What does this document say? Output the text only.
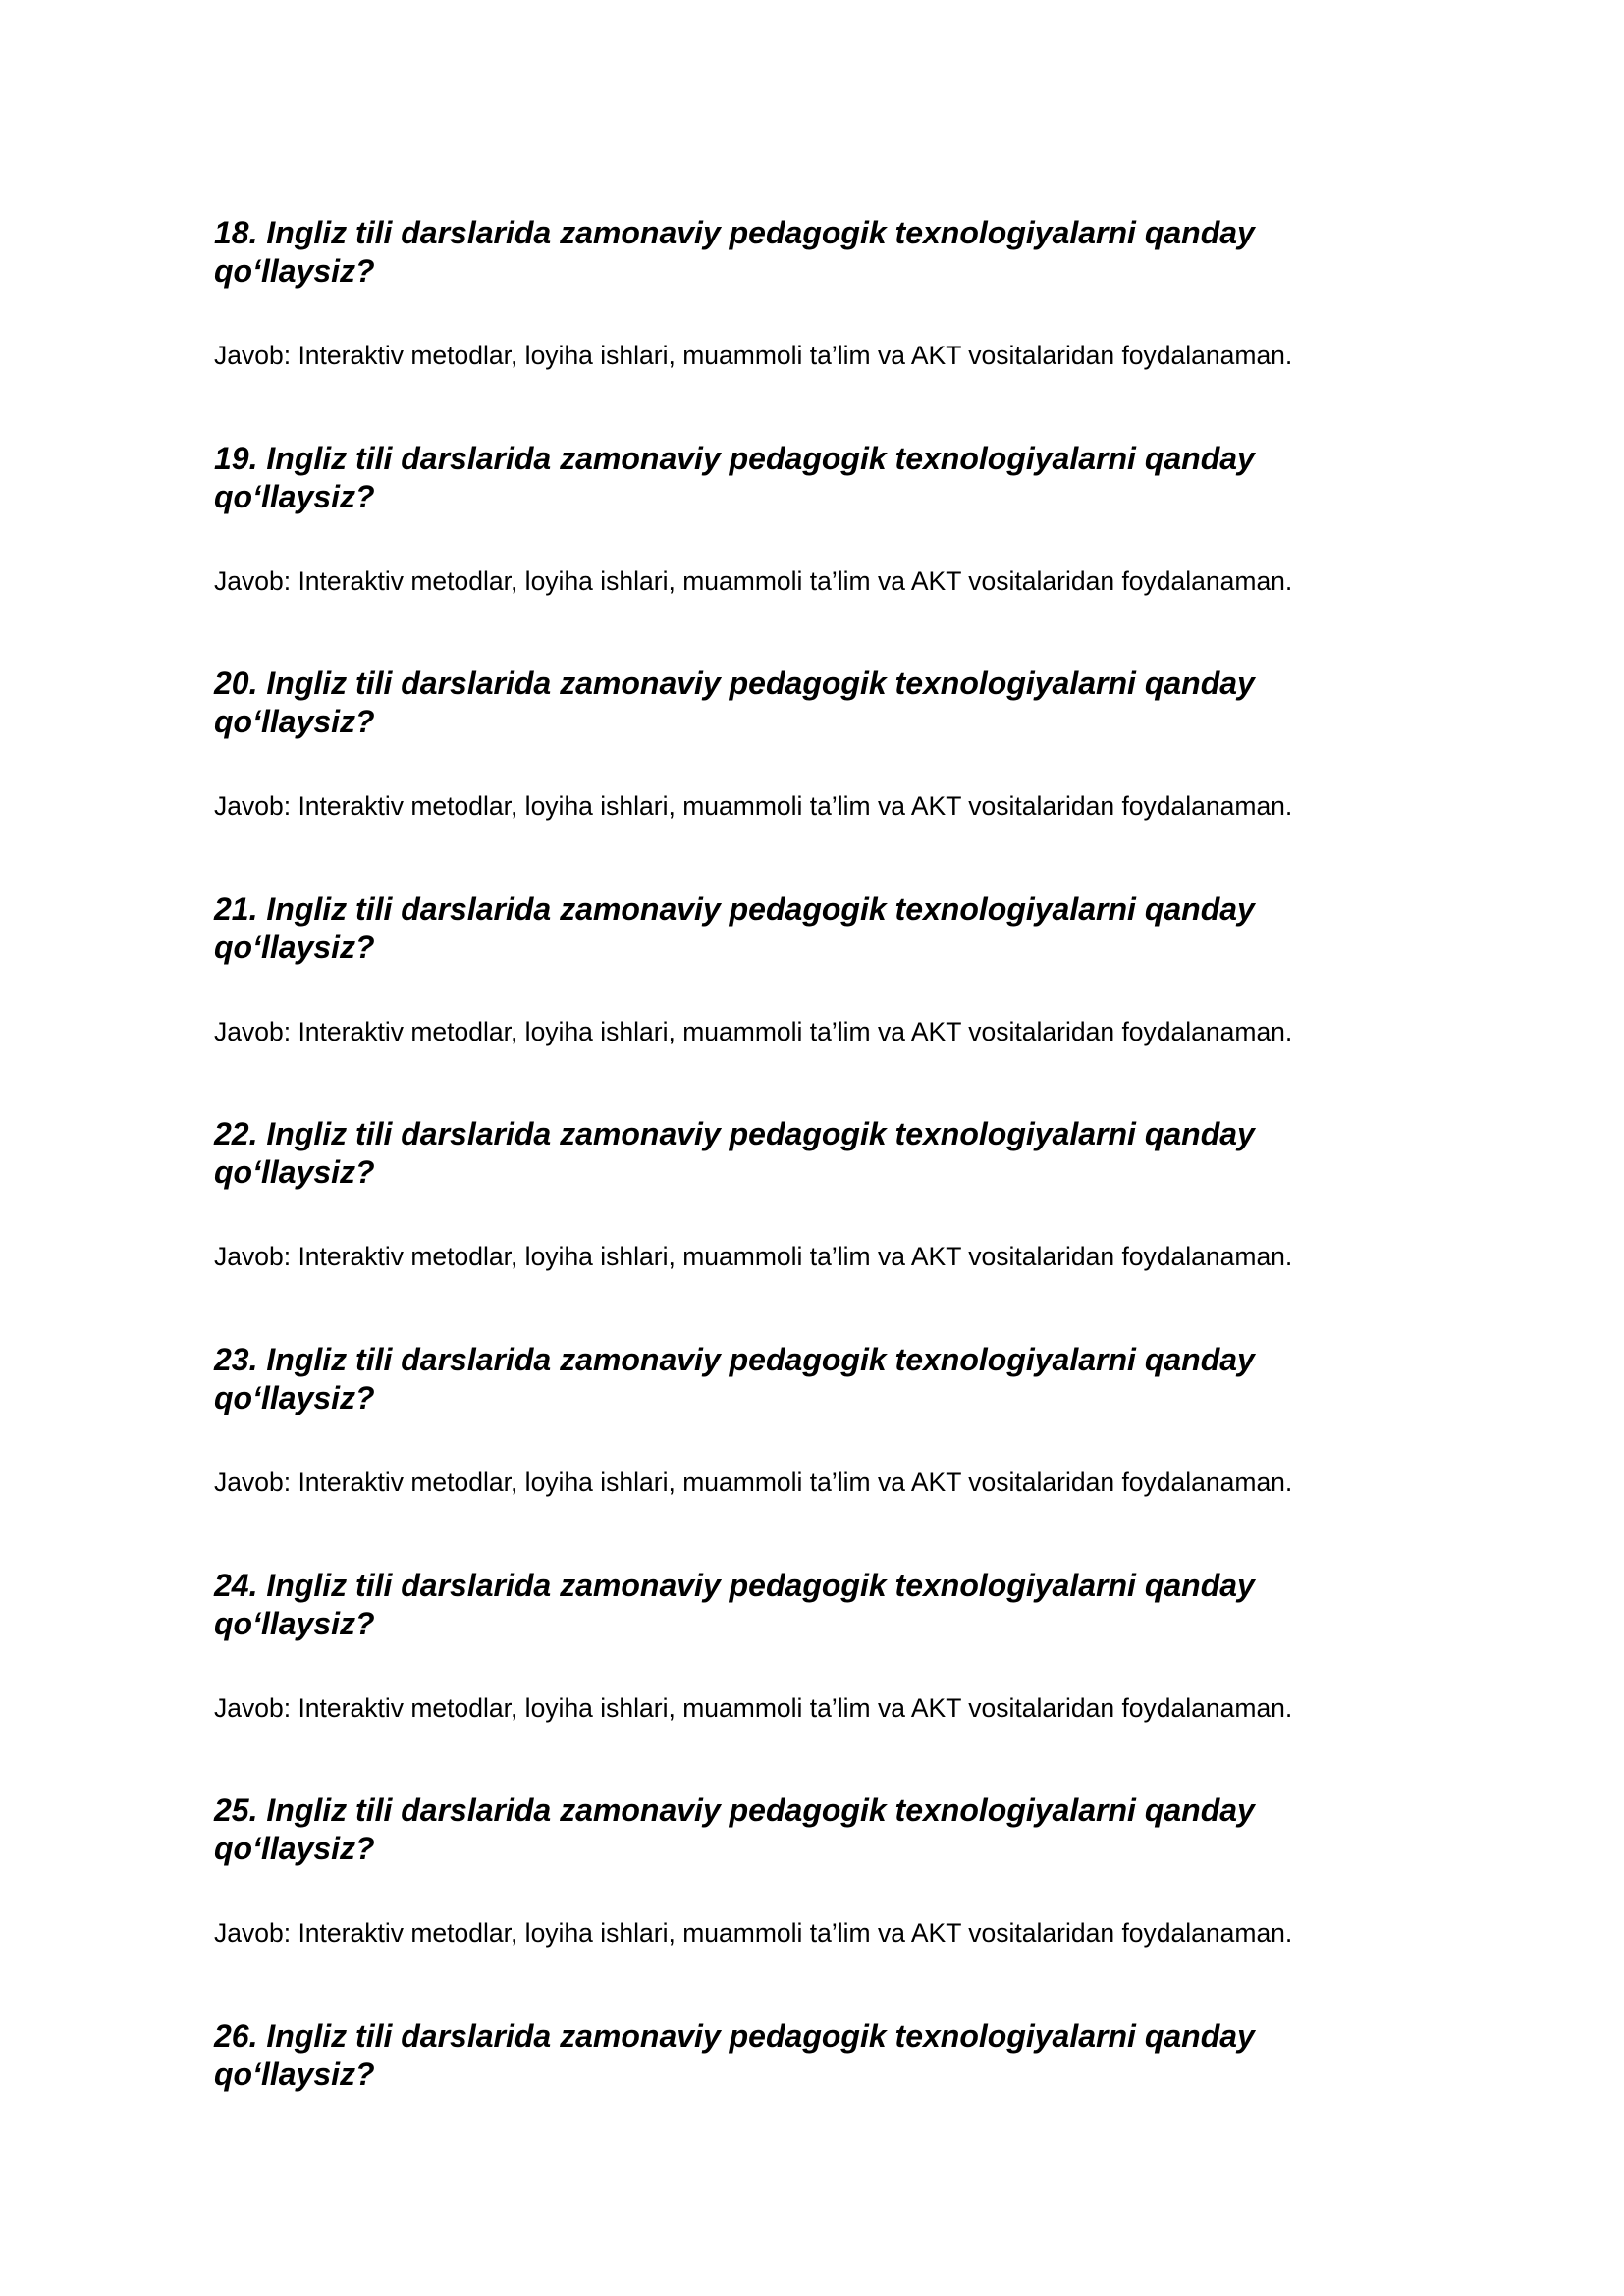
18. Ingliz tili darslarida zamonaviy pedagogik texnologiyalarni qanday qo‘llaysiz?

Javob: Interaktiv metodlar, loyiha ishlari, muammoli ta’lim va AKT vositalaridan foydalanaman.

19. Ingliz tili darslarida zamonaviy pedagogik texnologiyalarni qanday qo‘llaysiz?

Javob: Interaktiv metodlar, loyiha ishlari, muammoli ta’lim va AKT vositalaridan foydalanaman.

20. Ingliz tili darslarida zamonaviy pedagogik texnologiyalarni qanday qo‘llaysiz?

Javob: Interaktiv metodlar, loyiha ishlari, muammoli ta’lim va AKT vositalaridan foydalanaman.

21. Ingliz tili darslarida zamonaviy pedagogik texnologiyalarni qanday qo‘llaysiz?

Javob: Interaktiv metodlar, loyiha ishlari, muammoli ta’lim va AKT vositalaridan foydalanaman.

22. Ingliz tili darslarida zamonaviy pedagogik texnologiyalarni qanday qo‘llaysiz?

Javob: Interaktiv metodlar, loyiha ishlari, muammoli ta’lim va AKT vositalaridan foydalanaman.

23. Ingliz tili darslarida zamonaviy pedagogik texnologiyalarni qanday qo‘llaysiz?

Javob: Interaktiv metodlar, loyiha ishlari, muammoli ta’lim va AKT vositalaridan foydalanaman.

24. Ingliz tili darslarida zamonaviy pedagogik texnologiyalarni qanday qo‘llaysiz?

Javob: Interaktiv metodlar, loyiha ishlari, muammoli ta’lim va AKT vositalaridan foydalanaman.

25. Ingliz tili darslarida zamonaviy pedagogik texnologiyalarni qanday qo‘llaysiz?

Javob: Interaktiv metodlar, loyiha ishlari, muammoli ta’lim va AKT vositalaridan foydalanaman.

26. Ingliz tili darslarida zamonaviy pedagogik texnologiyalarni qanday qo‘llaysiz?
